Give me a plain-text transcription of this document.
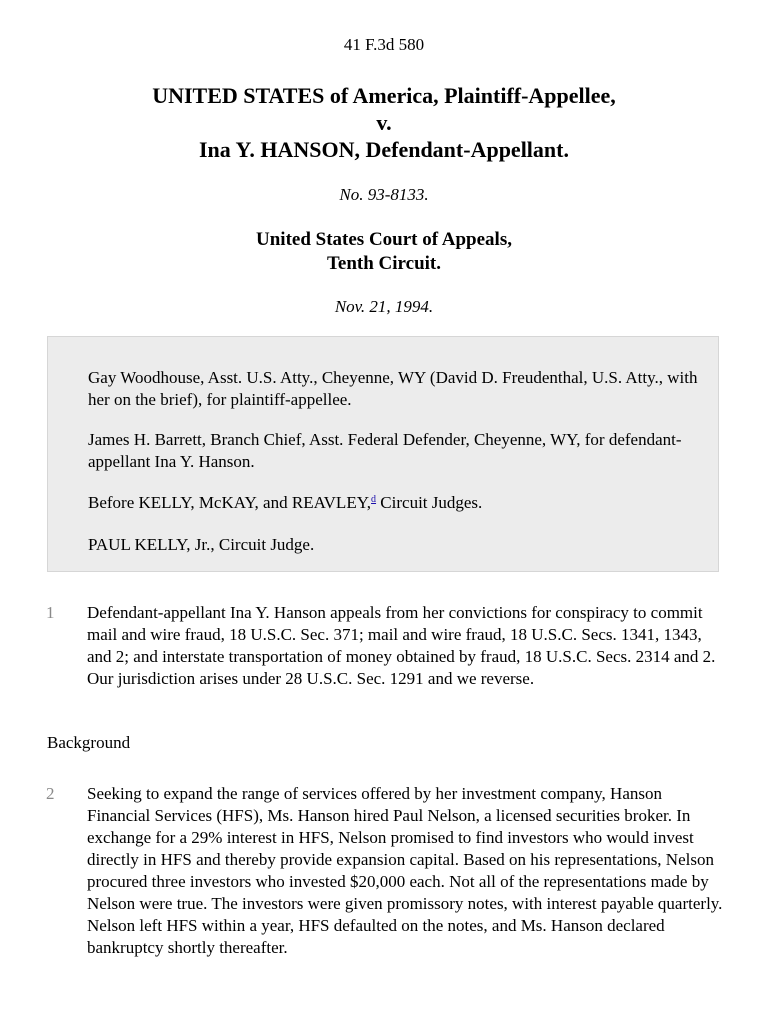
41 F.3d 580
UNITED STATES of America, Plaintiff-Appellee,
v.
Ina Y. HANSON, Defendant-Appellant.
No. 93-8133.
United States Court of Appeals,
Tenth Circuit.
Nov. 21, 1994.

Gay Woodhouse, Asst. U.S. Atty., Cheyenne, WY (David D. Freudenthal, U.S. Atty., with her on the brief), for plaintiff-appellee.

James H. Barrett, Branch Chief, Asst. Federal Defender, Cheyenne, WY, for defendant-appellant Ina Y. Hanson.

Before KELLY, McKAY, and REAVLEY,$^d$ Circuit Judges.

PAUL KELLY, Jr., Circuit Judge.

1	Defendant-appellant Ina Y. Hanson appeals from her convictions for conspiracy to commit mail and wire fraud, 18 U.S.C. Sec. 371; mail and wire fraud, 18 U.S.C. Secs. 1341, 1343, and 2; and interstate transportation of money obtained by fraud, 18 U.S.C. Secs. 2314 and 2. Our jurisdiction arises under 28 U.S.C. Sec. 1291 and we reverse.

Background
2	Seeking to expand the range of services offered by her investment company, Hanson Financial Services (HFS), Ms. Hanson hired Paul Nelson, a licensed securities broker. In exchange for a 29% interest in HFS, Nelson promised to find investors who would invest directly in HFS and thereby provide expansion capital. Based on his representations, Nelson procured three investors who invested $20,000 each. Not all of the representations made by Nelson were true. The investors were given promissory notes, with interest payable quarterly. Nelson left HFS within a year, HFS defaulted on the notes, and Ms. Hanson declared bankruptcy shortly thereafter.
